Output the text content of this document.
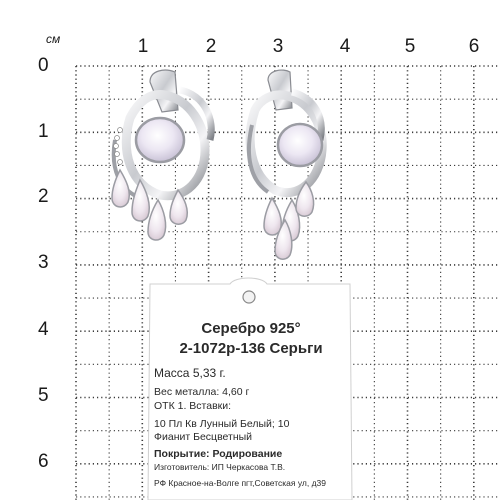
см	1	2	3	4	5	6
0
1
2
3
4
5
6
Серебро 925°
2-1072р-136 Серьги
Масса 5,33 г.
Вес металла: 4,60 г
ОТК 1. Вставки:
10 Пл Кв Лунный Белый; 10
Фианит Бесцветный
Покрытие: Родирование
Изготовитель: ИП Черкасова Т.В.
РФ Красное-на-Волге пгт,Советская ул, д39
